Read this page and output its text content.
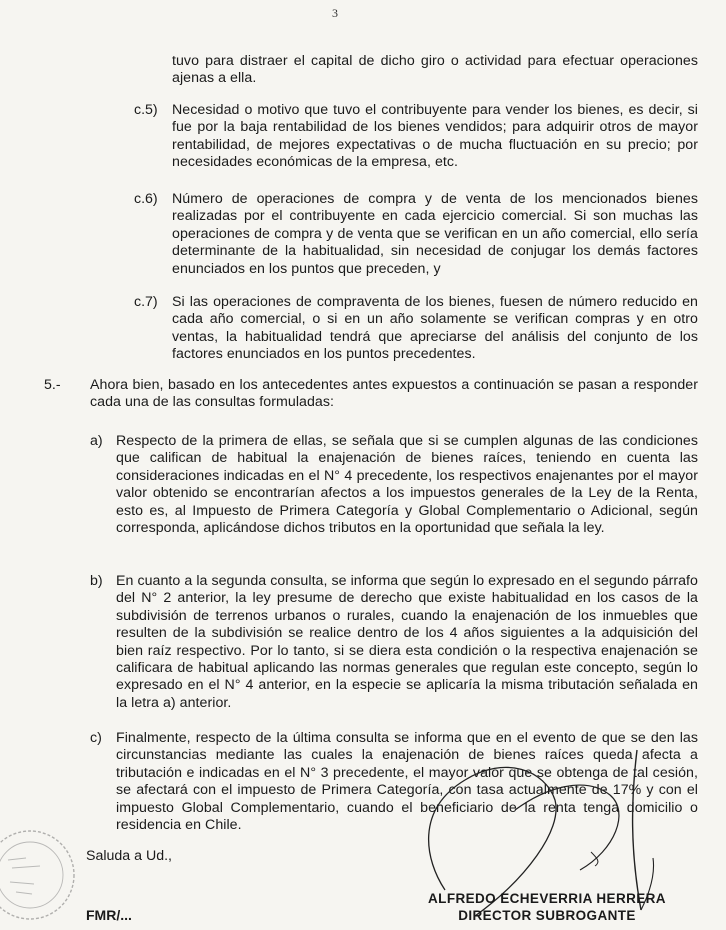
3
tuvo para distraer el capital de dicho giro o actividad para efectuar operaciones ajenas a ella.
c.5) Necesidad o motivo que tuvo el contribuyente para vender los bienes, es decir, si fue por la baja rentabilidad de los bienes vendidos; para adquirir otros de mayor rentabilidad, de mejores expectativas o de mucha fluctuación en su precio; por necesidades económicas de la empresa, etc.
c.6) Número de operaciones de compra y de venta de los mencionados bienes realizadas por el contribuyente en cada ejercicio comercial. Si son muchas las operaciones de compra y de venta que se verifican en un año comercial, ello sería determinante de la habitualidad, sin necesidad de conjugar los demás factores enunciados en los puntos que preceden, y
c.7) Si las operaciones de compraventa de los bienes, fuesen de número reducido en cada año comercial, o si en un año solamente se verifican compras y en otro ventas, la habitualidad tendrá que apreciarse del análisis del conjunto de los factores enunciados en los puntos precedentes.
5.- Ahora bien, basado en los antecedentes antes expuestos a continuación se pasan a responder cada una de las consultas formuladas:
a) Respecto de la primera de ellas, se señala que si se cumplen algunas de las condiciones que califican de habitual la enajenación de bienes raíces, teniendo en cuenta las consideraciones indicadas en el N° 4 precedente, los respectivos enajenantes por el mayor valor obtenido se encontrarían afectos a los impuestos generales de la Ley de la Renta, esto es, al Impuesto de Primera Categoría y Global Complementario o Adicional, según corresponda, aplicándose dichos tributos en la oportunidad que señala la ley.
b) En cuanto a la segunda consulta, se informa que según lo expresado en el segundo párrafo del N° 2 anterior, la ley presume de derecho que existe habitualidad en los casos de la subdivisión de terrenos urbanos o rurales, cuando la enajenación de los inmuebles que resulten de la subdivisión se realice dentro de los 4 años siguientes a la adquisición del bien raíz respectivo. Por lo tanto, si se diera esta condición o la respectiva enajenación se calificara de habitual aplicando las normas generales que regulan este concepto, según lo expresado en el N° 4 anterior, en la especie se aplicaría la misma tributación señalada en la letra a) anterior.
c) Finalmente, respecto de la última consulta se informa que en el evento de que se den las circunstancias mediante las cuales la enajenación de bienes raíces queda afecta a tributación e indicadas en el N° 3 precedente, el mayor valor que se obtenga de tal cesión, se afectará con el impuesto de Primera Categoría, con tasa actualmente de 17% y con el impuesto Global Complementario, cuando el beneficiario de la renta tenga domicilio o residencia en Chile.
Saluda a Ud.,
ALFREDO ECHEVERRIA HERRERA
DIRECTOR SUBROGANTE
FMR/...
